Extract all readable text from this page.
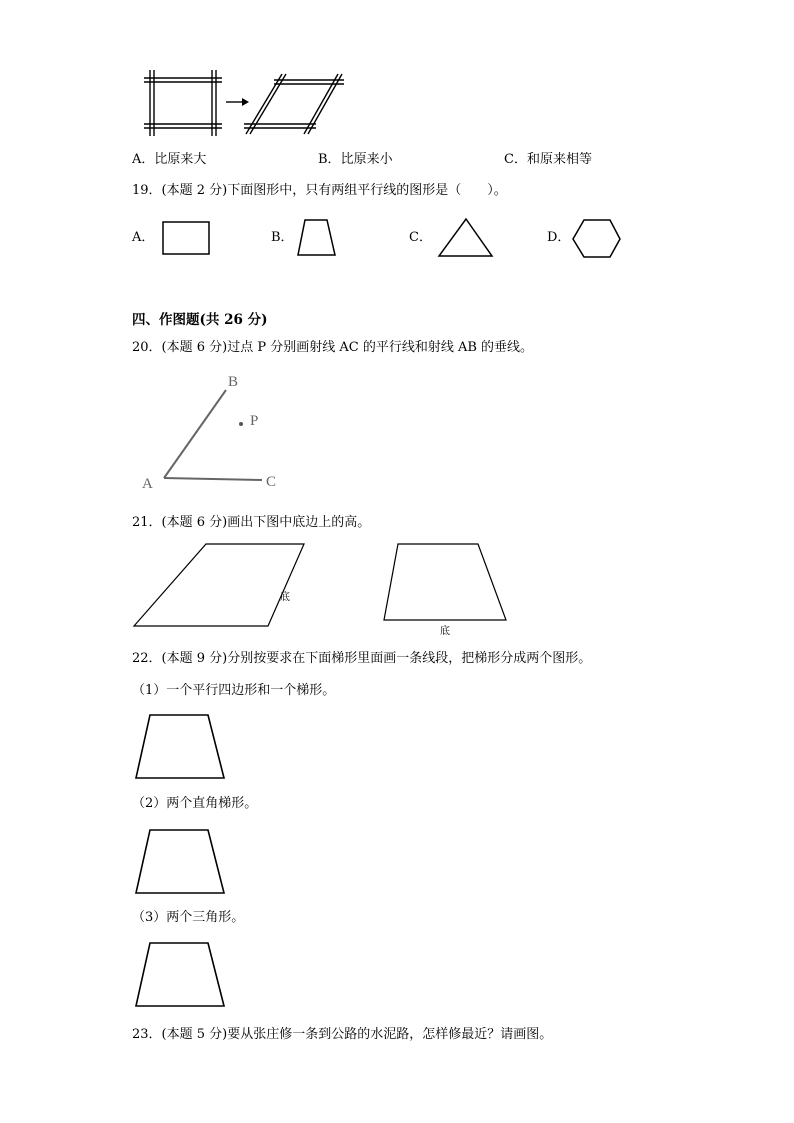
A．比原来大	B．比原来小	C．和原来相等
19．(本题 2 分)下面图形中，只有两组平行线的图形是（　　）。
A．	B．	C．	D．
四、作图题(共 26 分)
20．(本题 6 分)过点 P 分别画射线 AC 的平行线和射线 AB 的垂线。
B
P
A	C
21．(本题 6 分)画出下图中底边上的高。
底
底
22．(本题 9 分)分别按要求在下面梯形里面画一条线段，把梯形分成两个图形。
（1）一个平行四边形和一个梯形。
（2）两个直角梯形。
（3）两个三角形。
23．(本题 5 分)要从张庄修一条到公路的水泥路，怎样修最近？请画图。
